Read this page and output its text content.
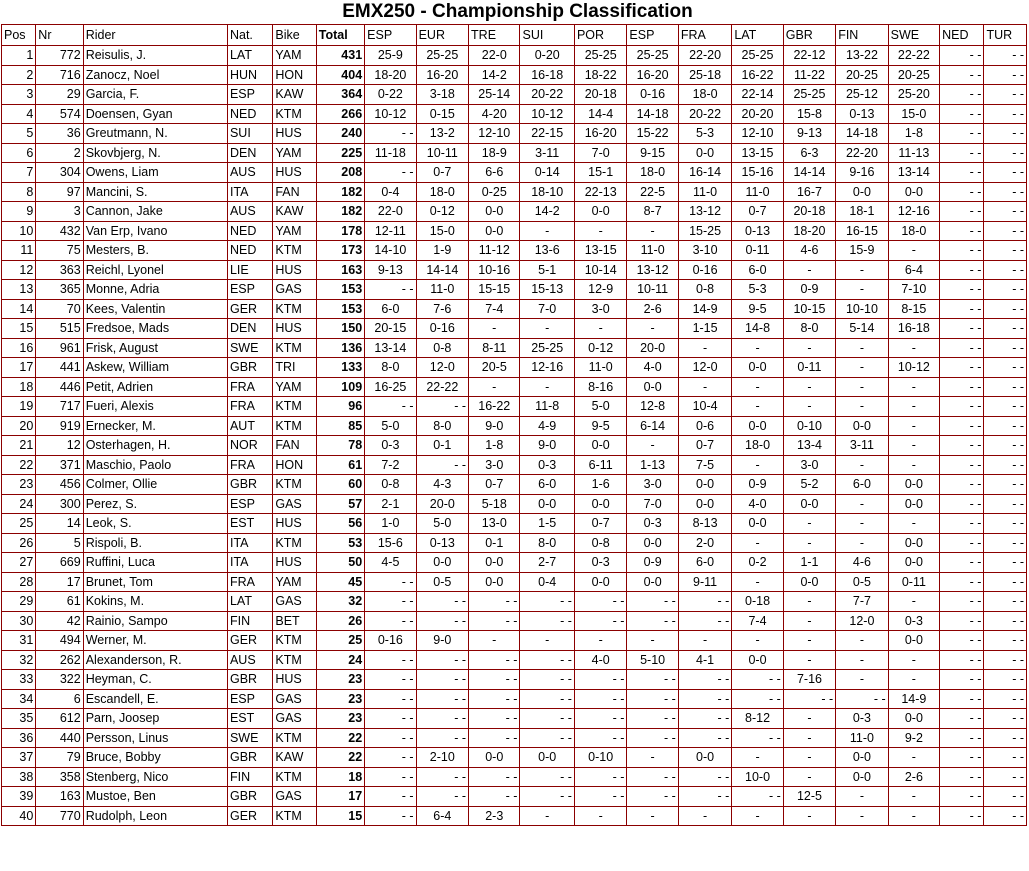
EMX250 - Championship Classification
Pos	Nr	Rider	Nat.	Bike	Total	ESP	EUR	TRE	SUI	POR	ESP	FRA	LAT	GBR	FIN	SWE	NED	TUR
1	772	Reisulis, J.	LAT	YAM	431	25-9	25-25	22-0	0-20	25-25	25-25	22-20	25-25	22-12	13-22	22-22	- -	- -
2	716	Zanocz, Noel	HUN	HON	404	18-20	16-20	14-2	16-18	18-22	16-20	25-18	16-22	11-22	20-25	20-25	- -	- -
3	29	Garcia, F.	ESP	KAW	364	0-22	3-18	25-14	20-22	20-18	0-16	18-0	22-14	25-25	25-12	25-20	- -	- -
4	574	Doensen, Gyan	NED	KTM	266	10-12	0-15	4-20	10-12	14-4	14-18	20-22	20-20	15-8	0-13	15-0	- -	- -
5	36	Greutmann, N.	SUI	HUS	240	- -	13-2	12-10	22-15	16-20	15-22	5-3	12-10	9-13	14-18	1-8	- -	- -
6	2	Skovbjerg, N.	DEN	YAM	225	11-18	10-11	18-9	3-11	7-0	9-15	0-0	13-15	6-3	22-20	11-13	- -	- -
7	304	Owens, Liam	AUS	HUS	208	- -	0-7	6-6	0-14	15-1	18-0	16-14	15-16	14-14	9-16	13-14	- -	- -
8	97	Mancini, S.	ITA	FAN	182	0-4	18-0	0-25	18-10	22-13	22-5	11-0	11-0	16-7	0-0	0-0	- -	- -
9	3	Cannon, Jake	AUS	KAW	182	22-0	0-12	0-0	14-2	0-0	8-7	13-12	0-7	20-18	18-1	12-16	- -	- -
10	432	Van Erp, Ivano	NED	YAM	178	12-11	15-0	0-0	-	-	-	15-25	0-13	18-20	16-15	18-0	- -	- -
11	75	Mesters, B.	NED	KTM	173	14-10	1-9	11-12	13-6	13-15	11-0	3-10	0-11	4-6	15-9	-	- -	- -
12	363	Reichl, Lyonel	LIE	HUS	163	9-13	14-14	10-16	5-1	10-14	13-12	0-16	6-0	-	-	6-4	- -	- -
13	365	Monne, Adria	ESP	GAS	153	- -	11-0	15-15	15-13	12-9	10-11	0-8	5-3	0-9	-	7-10	- -	- -
14	70	Kees, Valentin	GER	KTM	153	6-0	7-6	7-4	7-0	3-0	2-6	14-9	9-5	10-15	10-10	8-15	- -	- -
15	515	Fredsoe, Mads	DEN	HUS	150	20-15	0-16	-	-	-	-	1-15	14-8	8-0	5-14	16-18	- -	- -
16	961	Frisk, August	SWE	KTM	136	13-14	0-8	8-11	25-25	0-12	20-0	-	-	-	-	-	- -	- -
17	441	Askew, William	GBR	TRI	133	8-0	12-0	20-5	12-16	11-0	4-0	12-0	0-0	0-11	-	10-12	- -	- -
18	446	Petit, Adrien	FRA	YAM	109	16-25	22-22	-	-	8-16	0-0	-	-	-	-	-	- -	- -
19	717	Fueri, Alexis	FRA	KTM	96	- -	- -	16-22	11-8	5-0	12-8	10-4	-	-	-	-	- -	- -
20	919	Ernecker, M.	AUT	KTM	85	5-0	8-0	9-0	4-9	9-5	6-14	0-6	0-0	0-10	0-0	-	- -	- -
21	12	Osterhagen, H.	NOR	FAN	78	0-3	0-1	1-8	9-0	0-0	-	0-7	18-0	13-4	3-11	-	- -	- -
22	371	Maschio, Paolo	FRA	HON	61	7-2	- -	3-0	0-3	6-11	1-13	7-5	-	3-0	-	-	- -	- -
23	456	Colmer, Ollie	GBR	KTM	60	0-8	4-3	0-7	6-0	1-6	3-0	0-0	0-9	5-2	6-0	0-0	- -	- -
24	300	Perez, S.	ESP	GAS	57	2-1	20-0	5-18	0-0	0-0	7-0	0-0	4-0	0-0	-	0-0	- -	- -
25	14	Leok, S.	EST	HUS	56	1-0	5-0	13-0	1-5	0-7	0-3	8-13	0-0	-	-	-	- -	- -
26	5	Rispoli, B.	ITA	KTM	53	15-6	0-13	0-1	8-0	0-8	0-0	2-0	-	-	-	0-0	- -	- -
27	669	Ruffini, Luca	ITA	HUS	50	4-5	0-0	0-0	2-7	0-3	0-9	6-0	0-2	1-1	4-6	0-0	- -	- -
28	17	Brunet, Tom	FRA	YAM	45	- -	0-5	0-0	0-4	0-0	0-0	9-11	-	0-0	0-5	0-11	- -	- -
29	61	Kokins, M.	LAT	GAS	32	- -	- -	- -	- -	- -	- -	- -	0-18	-	7-7	-	- -	- -
30	42	Rainio, Sampo	FIN	BET	26	- -	- -	- -	- -	- -	- -	- -	7-4	-	12-0	0-3	- -	- -
31	494	Werner, M.	GER	KTM	25	0-16	9-0	-	-	-	-	-	-	-	-	0-0	- -	- -
32	262	Alexanderson, R.	AUS	KTM	24	- -	- -	- -	- -	4-0	5-10	4-1	0-0	-	-	-	- -	- -
33	322	Heyman, C.	GBR	HUS	23	- -	- -	- -	- -	- -	- -	- -	- -	7-16	-	-	- -	- -
34	6	Escandell, E.	ESP	GAS	23	- -	- -	- -	- -	- -	- -	- -	- -	- -	- -	14-9	- -	- -
35	612	Parn, Joosep	EST	GAS	23	- -	- -	- -	- -	- -	- -	- -	8-12	-	0-3	0-0	- -	- -
36	440	Persson, Linus	SWE	KTM	22	- -	- -	- -	- -	- -	- -	- -	- -	-	11-0	9-2	- -	- -
37	79	Bruce, Bobby	GBR	KAW	22	- -	2-10	0-0	0-0	0-10	-	0-0	-	-	0-0	-	- -	- -
38	358	Stenberg, Nico	FIN	KTM	18	- -	- -	- -	- -	- -	- -	- -	10-0	-	0-0	2-6	- -	- -
39	163	Mustoe, Ben	GBR	GAS	17	- -	- -	- -	- -	- -	- -	- -	- -	12-5	-	-	- -	- -
40	770	Rudolph, Leon	GER	KTM	15	- -	6-4	2-3	-	-	-	-	-	-	-	-	- -	- -
